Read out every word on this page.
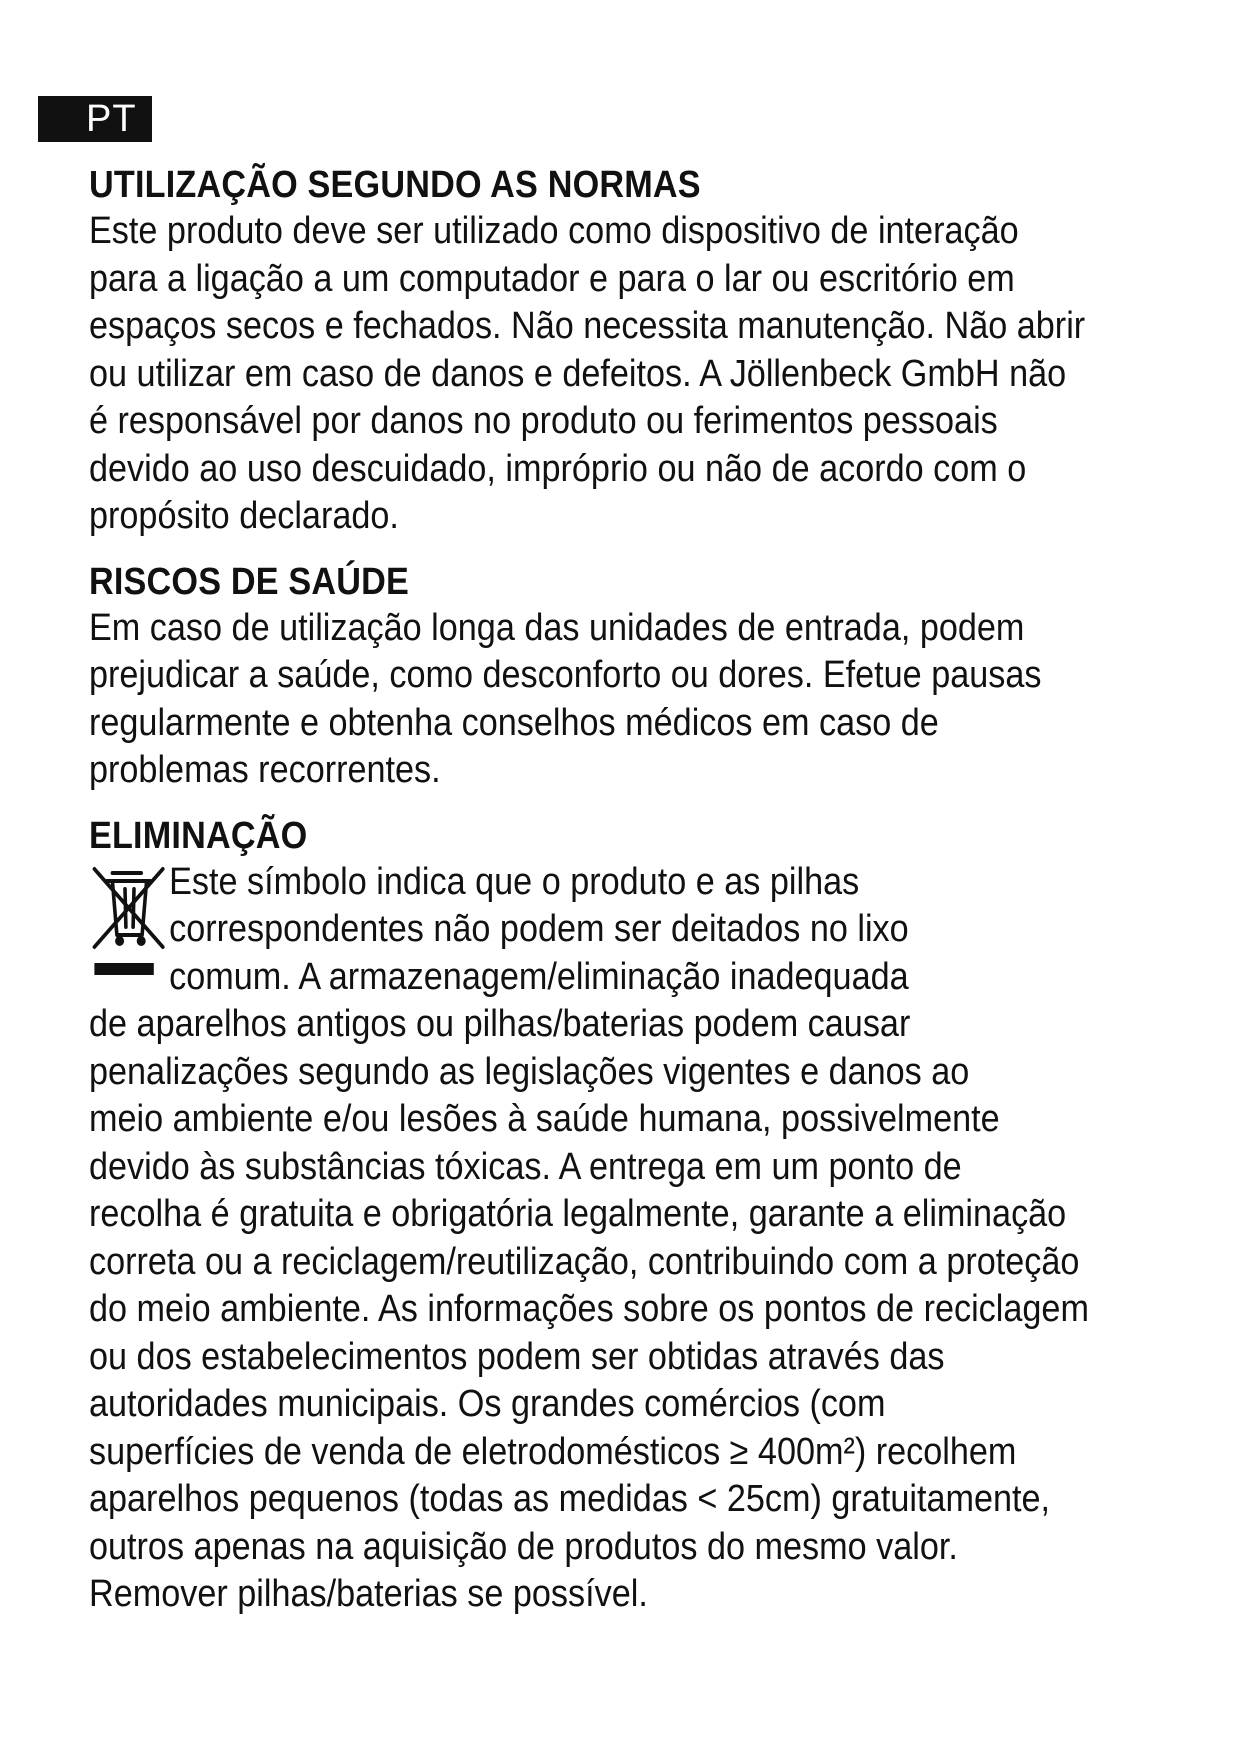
PT
UTILIZAÇÃO SEGUNDO AS NORMAS

Este produto deve ser utilizado como dispositivo de interação
para a ligação a um computador e para o lar ou escritório em
espaços secos e fechados. Não necessita manutenção. Não abrir
ou utilizar em caso de danos e defeitos. A Jöllenbeck GmbH não
é responsável por danos no produto ou ferimentos pessoais
devido ao uso descuidado, impróprio ou não de acordo com o
propósito declarado.

RISCOS DE SAÚDE

Em caso de utilização longa das unidades de entrada, podem
prejudicar a saúde, como desconforto ou dores. Efetue pausas
regularmente e obtenha conselhos médicos em caso de
problemas recorrentes.

ELIMINAÇÃO
Este símbolo indica que o produto e as pilhas
correspondentes não podem ser deitados no lixo
comum. A armazenagem/eliminação inadequada

de aparelhos antigos ou pilhas/baterias podem causar
penalizações segundo as legislações vigentes e danos ao
meio ambiente e/ou lesões à saúde humana, possivelmente
devido às substâncias tóxicas. A entrega em um ponto de
recolha é gratuita e obrigatória legalmente, garante a eliminação
correta ou a reciclagem/reutilização, contribuindo com a proteção
do meio ambiente. As informações sobre os pontos de reciclagem
ou dos estabelecimentos podem ser obtidas através das
autoridades municipais. Os grandes comércios (com
superfícies de venda de eletrodomésticos ≥ 400m²) recolhem
aparelhos pequenos (todas as medidas < 25cm) gratuitamente,
outros apenas na aquisição de produtos do mesmo valor.
Remover pilhas/baterias se possível.
